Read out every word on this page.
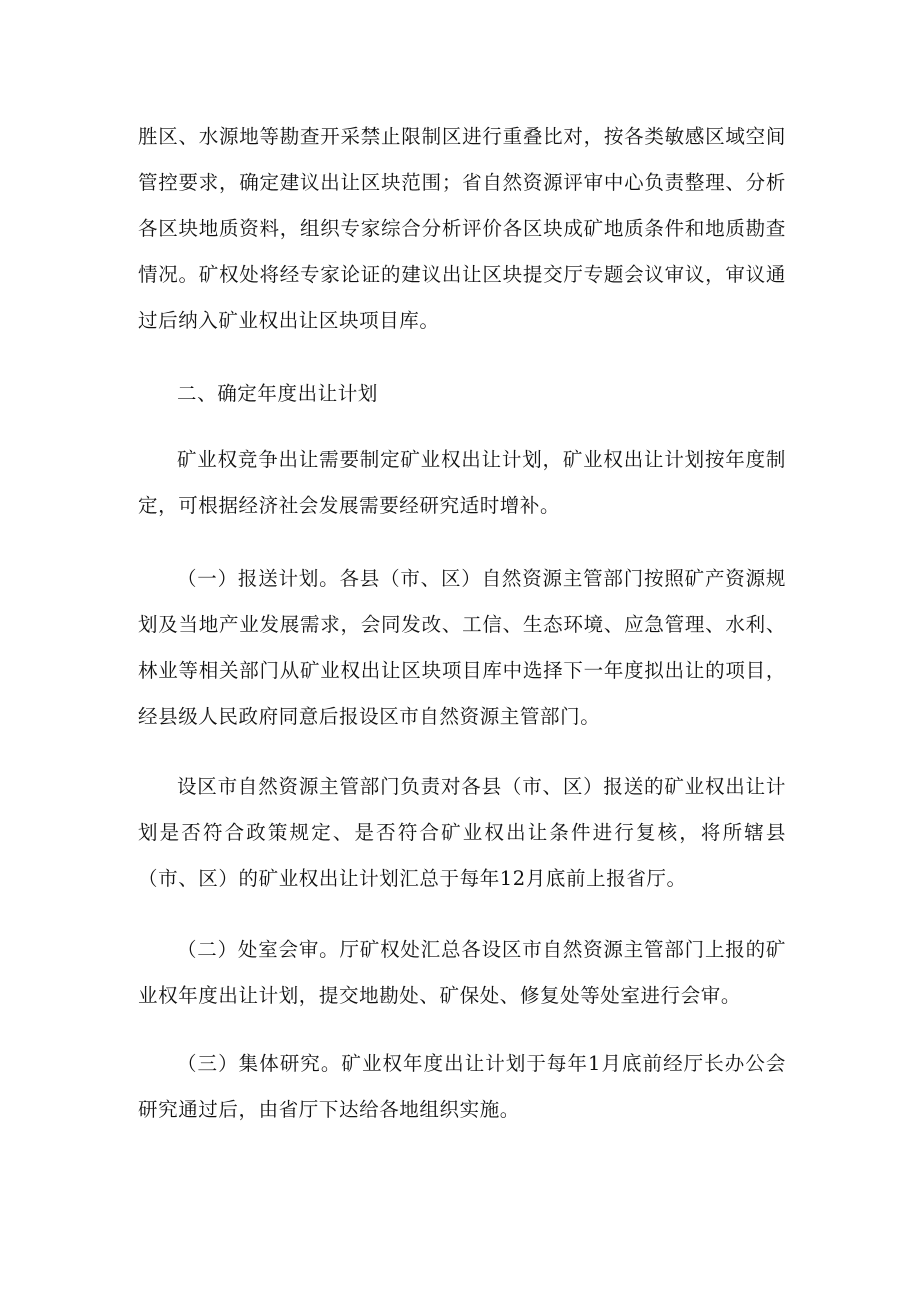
胜区、水源地等勘查开采禁止限制区进行重叠比对，按各类敏感区域空间管控要求，确定建议出让区块范围；省自然资源评审中心负责整理、分析各区块地质资料，组织专家综合分析评价各区块成矿地质条件和地质勘查情况。矿权处将经专家论证的建议出让区块提交厅专题会议审议，审议通过后纳入矿业权出让区块项目库。

二、确定年度出让计划

矿业权竞争出让需要制定矿业权出让计划，矿业权出让计划按年度制定，可根据经济社会发展需要经研究适时增补。

（一）报送计划。各县（市、区）自然资源主管部门按照矿产资源规划及当地产业发展需求，会同发改、工信、生态环境、应急管理、水利、林业等相关部门从矿业权出让区块项目库中选择下一年度拟出让的项目，经县级人民政府同意后报设区市自然资源主管部门。

设区市自然资源主管部门负责对各县（市、区）报送的矿业权出让计划是否符合政策规定、是否符合矿业权出让条件进行复核，将所辖县（市、区）的矿业权出让计划汇总于每年12月底前上报省厅。

（二）处室会审。厅矿权处汇总各设区市自然资源主管部门上报的矿业权年度出让计划，提交地勘处、矿保处、修复处等处室进行会审。

（三）集体研究。矿业权年度出让计划于每年1月底前经厅长办公会研究通过后，由省厅下达给各地组织实施。
